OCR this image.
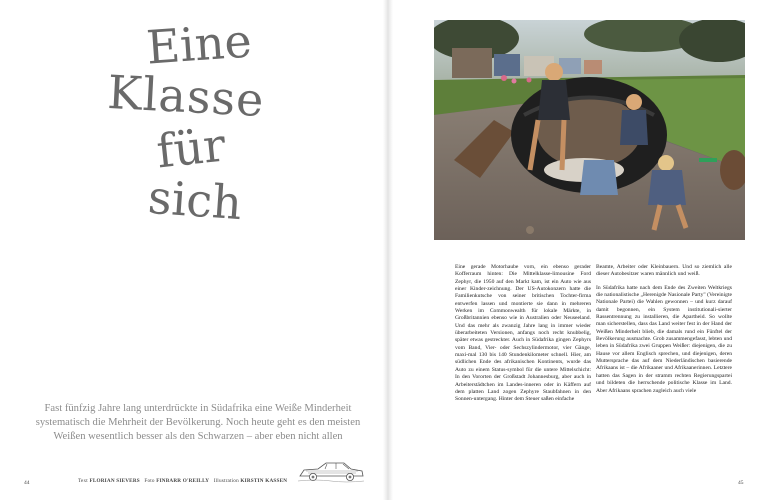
Eine
Klasse
für
sich
Fast fünfzig Jahre lang unterdrückte in Südafrika eine Weiße Minderheit systematisch die Mehrheit der Bevölkerung. Noch heute geht es den meisten Weißen wesentlich besser als den Schwarzen – aber eben nicht allen
Text FLORIAN SIEVERS Foto FINBARR O'REILLY Illustration KIRSTIN KASSEN
44

Eine gerade Motorhaube vorn, ein ebenso gerader Kofferraum hinten: Die Mittelklasse-limousine Ford Zephyr, die 1950 auf den Markt kam, ist ein Auto wie aus einer Kinder-zeichnung. Der US-Autokonzern hatte die Familienkutsche von seiner britischen Tochter-firma entwerfen lassen und montierte sie dann in mehreren Werken im Commonwealth für lokale Märkte, in Großbritannien ebenso wie in Australien oder Neuseeland. Und das mehr als zwanzig Jahre lang in immer wieder überarbeiteten Versionen, anfangs noch recht knubbelig, später etwas gestreckter. Auch in Südafrika gingen Zephyrs vom Band, Vier- oder Sechszylindermotor, vier Gänge, maxi-mal 130 bis 140 Stundenkilometer schnell. Hier, am südlichen Ende des afrikanischen Kontinents, wurde das Auto zu einem Status-symbol für die untere Mittelschicht: In den Vororten der Großstadt Johannesburg, aber auch in Arbeiterstädtchen im Landes-inneren oder in Käffern auf dem platten Land zogen Zephyre Staubfahnen in den Sonnen-untergang. Hinter dem Steuer saßen einfache

Beamte, Arbeiter oder Kleinbauern. Und so ziemlich alle dieser Autobesitzer waren männlich und weiß.

In Südafrika hatte nach dem Ende des Zweiten Weltkriegs die nationalistische „Herenigde Nasionale Party" (Vereinigte Nationale Partei) die Wahlen gewonnen – und kurz darauf damit begonnen, ein System institutionali-sierter Rassentrennung zu installieren, die Apartheid. So wollte man sicherstellen, dass das Land weiter fest in der Hand der Weißen Minderheit blieb, die damals rund ein Fünftel der Bevölkerung ausmachte. Grob zusammengefasst, lebten und leben in Südafrika zwei Gruppen Weißer: diejenigen, die zu Hause vor allem Englisch sprechen, und diejenigen, deren Muttersprache das auf dem Niederländischen basierende Afrikaans ist – die Afrikaaner und Afrikaanerinnen. Letztere hatten das Sagen in der stramm rechten Regierungspartei und bildeten die herrschende politische Klasse im Land. Aber Afrikaans sprachen zugleich auch viele

45
